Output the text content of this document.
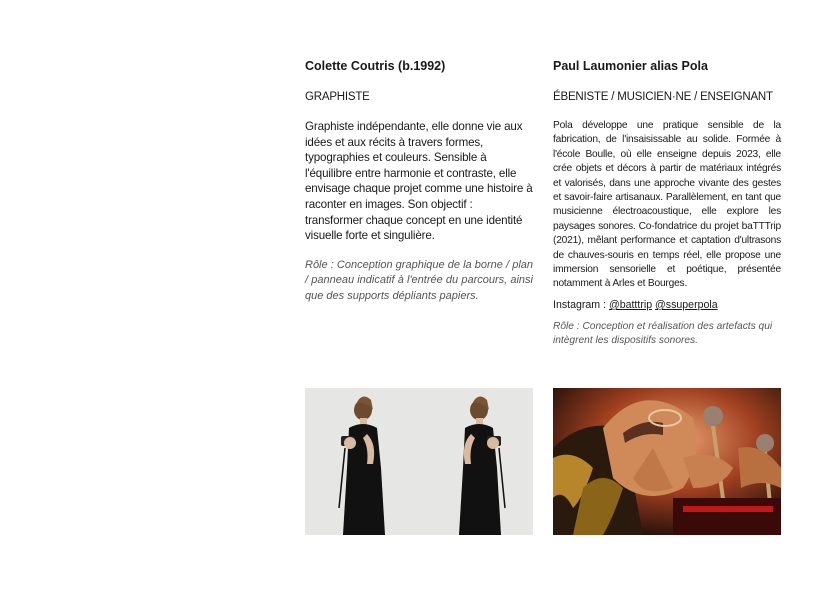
Colette Coutris (b.1992)

GRAPHISTE

Graphiste indépendante, elle donne vie aux idées et aux récits à travers formes, typographies et couleurs. Sensible à l'équilibre entre harmonie et contraste, elle envisage chaque projet comme une histoire à raconter en images. Son objectif : transformer chaque concept en une identité visuelle forte et singulière.

Rôle : Conception graphique de la borne / plan / panneau indicatif à l'entrée du parcours, ainsi que des supports dépliants papiers.

Paul Laumonier alias Pola

ÉBENISTE / MUSICIEN·NE / ENSEIGNANT

Pola développe une pratique sensible de la fabrication, de l'insaisissable au solide. Formée à l'école Boulle, où elle enseigne depuis 2023, elle crée objets et décors à partir de matériaux intégrés et valorisés, dans une approche vivante des gestes et savoir-faire artisanaux. Parallèlement, en tant que musicienne électroacoustique, elle explore les paysages sonores. Co-fondatrice du projet baTTTrip (2021), mêlant performance et captation d'ultrasons de chauves-souris en temps réel, elle propose une immersion sensorielle et poétique, présentée notamment à Arles et Bourges.

Instagram : @batttrip @ssuperpola

Rôle : Conception et réalisation des artefacts qui intègrent les dispositifs sonores.
